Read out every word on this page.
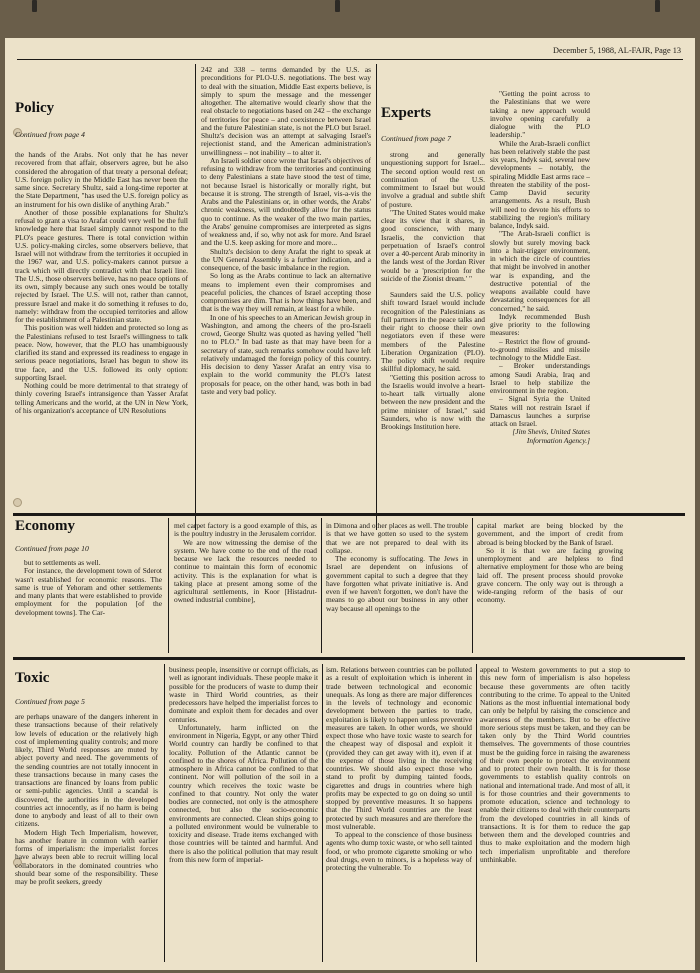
December 5, 1988, AL-FAJR, Page 13
Policy
Continued from page 4

the hands of the Arabs. Not only that he has never recovered from that affair, observers agree, but he also considered the abrogation of that treaty a personal defeat; U.S. foreign policy in the Middle East has never been the same since. Secretary Shultz, said a long-time reporter at the State Department, "has used the U.S. foreign policy as an instrument for his own dislike of anything Arab."

Another of those possible explanations for Shultz's refusal to grant a visa to Arafat could very well be the full knowledge here that Israel simply cannot respond to the PLO's peace gestures. There is total conviction within U.S. policy-making circles, some observers believe, that Israel will not withdraw from the territories it occupied in the 1967 war, and U.S. policy-makers cannot pursue a track which will directly contradict with that Israeli line. The U.S., those observers believe, has no peace options of its own, simply because any such ones would be totally rejected by Israel. The U.S. will not, rather than cannot, pressure Israel and make it do something it refuses to do, namely: withdraw from the occupied territories and allow for the establishment of a Palestinian state.

This position was well hidden and protected so long as the Palestinians refused to test Israel's willingness to talk peace. Now, however, that the PLO has unambiguously clarified its stand and expressed its readiness to engage in serious peace negotiations, Israel has begun to show its true face, and the U.S. followed its only option: supporting Israel.

Nothing could be more detrimental to that strategy of thinly covering Israel's intransigence than Yasser Arafat telling Americans and the world, at the UN in New York, of his organization's acceptance of UN Resolutions

242 and 338 – terms demanded by the U.S. as preconditions for PLO-U.S. negotiations. The best way to deal with the situation, Middle East experts believe, is simply to spurn the message and the messenger altogether. The alternative would clearly show that the real obstacle to negotiations based on 242 – the exchange of territories for peace – and coexistence between Israel and the future Palestinian state, is not the PLO but Israel. Shultz's decision was an attempt at salvaging Israel's rejectionist stand, and the American administration's unwillingness – not inability – to alter it.

An Israeli soldier once wrote that Israel's objectives of refusing to withdraw from the territories and continuing to deny Palestinians a state have stood the test of time, not because Israel is historically or morally right, but because it is strong. The strength of Israel, vis-a-vis the Arabs and the Palestinians or, in other words, the Arabs' chronic weakness, will undoubtedly allow for the status quo to continue. As the weaker of the two main parties, the Arabs' genuine compromises are interpreted as signs of weakness and, if so, why not ask for more. And Israel and the U.S. keep asking for more and more...

Shultz's decision to deny Arafat the right to speak at the UN General Assembly is a further indication, and a consequence, of the basic imbalance in the region.

So long as the Arabs continue to lack an alternative means to implement even their compromises and peaceful policies, the chances of Israel accepting those compromises are dim. That is how things have been, and that is the way they will remain, at least for a while.

In one of his speeches to an American Jewish group in Washington, and among the cheers of the pro-Israeli crowd, George Shultz was quoted as having yelled "hell no to PLO." In bad taste as that may have been for a secretary of state, such remarks somehow could have left relatively undamaged the foreign policy of this country. His decision to deny Yasser Arafat an entry visa to explain to the world community the PLO's latest proposals for peace, on the other hand, was both in bad taste and very bad policy.

Experts
Continued from page 7

strong and generally unquestioning support for Israel... The second option would rest on continuation of the U.S. commitment to Israel but would involve a gradual and subtle shift of posture.

"The United States would make clear its view that it shares, in good conscience, with many Israelis, the conviction that perpetuation of Israel's control over a 40-percent Arab minority in the lands west of the Jordan River would be a 'prescription for the suicide of the Zionist dream.' "

Saunders said the U.S. policy shift toward Israel would include recognition of the Palestinians as full partners in the peace talks and their right to choose their own negotiators even if these were members of the Palestine Liberation Organization (PLO). The policy shift would require skillful diplomacy, he said.

"Getting this position across to the Israelis would involve a heart-to-heart talk virtually alone between the new president and the prime minister of Israel," said Saunders, who is now with the Brookings Institution here.

"Getting the point across to the Palestinians that we were taking a new approach would involve opening carefully a dialogue with the PLO leadership."

While the Arab-Israeli conflict has been relatively stable the past six years, Indyk said, several new developments – notably, the spiraling Middle East arms race – threaten the stability of the post-Camp David security arrangements. As a result, Bush will need to devote his efforts to stabilizing the region's military balance, Indyk said.

"The Arab-Israeli conflict is slowly but surely moving back into a hair-trigger environment, in which the circle of countries that might be involved in another war is expanding, and the destructive potential of the weapons available could have devastating consequences for all concerned," he said.

Indyk recommended Bush give priority to the following measures:

– Restrict the flow of ground-to-ground missiles and missile technology to the Middle East.

– Broker understandings among Saudi Arabia, Iraq and Israel to help stabilize the environment in the region.

– Signal Syria the United States will not restrain Israel if Damascus launches a surprise attack on Israel.

[Jim Shevis, United States Information Agency.]

Economy
Continued from page 10

but to settlements as well.

For instance, the development town of Sderot wasn't established for economic reasons. The same is true of Yehoram and other settlements and many plants that were established to provide employment for the population [of the development towns]. The Car-

mel carpet factory is a good example of this, as is the poultry industry in the Jerusalem corridor.

We are now witnessing the demise of the system. We have come to the end of the road because we lack the resources needed to continue to maintain this form of economic activity. This is the explanation for what is taking place at present among some of the agricultural settlements, in Koor [Histadrut-owned industrial combine],

in Dimona and other places as well. The trouble is that we have gotten so used to the system that we are not prepared to deal with its collapse.

The economy is suffocating. The Jews in Israel are dependent on infusions of government capital to such a degree that they have forgotten what private initiative is. And even if we haven't forgotten, we don't have the means to go about our business in any other way because all openings to the

capital market are being blocked by the government, and the import of credit from abroad is being blocked by the Bank of Israel.

So it is that we are facing growing unemployment and are helpless to find alternative employment for those who are being laid off. The present process should provoke grave concern. The only way out is through a wide-ranging reform of the basis of our economy.

Toxic
Continued from page 5

are perhaps unaware of the dangers inherent in these transactions because of their relatively low levels of education or the relatively high cost of implementing quality controls; and more likely, Third World responses are muted by abject poverty and need. The governments of the sending countries are not totally innocent in these transactions because in many cases the transactions are financed by loans from public or semi-public agencies. Until a scandal is discovered, the authorities in the developed countries act innocently, as if no harm is being done to anybody and least of all to their own citizens.

Modern High Tech Imperialism, however, has another feature in common with earlier forms of imperialism: the imperialist forces have always been able to recruit willing local collaborators in the dominated countries who should bear some of the responsibility. These may be profit seekers, greedy

business people, insensitive or corrupt officials, as well as ignorant individuals. These people make it possible for the producers of waste to dump their waste in Third World countries, as their predecessors have helped the imperialist forces to dominate and exploit them for decades and over centuries.

Unfortunately, harm inflicted on the environment in Nigeria, Egypt, or any other Third World country can hardly be confined to that locality. Pollution of the Atlantic cannot be confined to the shores of Africa. Pollution of the atmosphere in Africa cannot be confined to that continent. Nor will pollution of the soil in a country which receives the toxic waste be confined to that country. Not only the water bodies are connected, not only is the atmosphere connected, but also the socio-economic environments are connected. Clean ships going to a polluted environment would be vulnerable to toxicity and disease. Trade items exchanged with those countries will be tainted and harmful. And there is also the political pollution that may result from this new form of imperial-

ism. Relations between countries can be polluted as a result of exploitation which is inherent in trade between technological and economic unequals. As long as there are major differences in the levels of technology and economic development between the parties to trade, exploitation is likely to happen unless preventive measures are taken. In other words, we should expect those who have toxic waste to search for the cheapest way of disposal and exploit it (provided they can get away with it), even if at the expense of those living in the receiving countries. We should also expect those who stand to profit by dumping tainted foods, cigarettes and drugs in countries where high profits may be expected to go on doing so until stopped by preventive measures. It so happens that the Third World countries are the least protected by such measures and are therefore the most vulnerable.

To appeal to the conscience of those business agents who dump toxic waste, or who sell tainted food, or who promote cigarette smoking or who deal drugs, even to minors, is a hopeless way of protecting the vulnerable. To

appeal to Western governments to put a stop to this new form of imperialism is also hopeless because these governments are often tacitly contributing to the crime. To appeal to the United Nations as the most influential international body can only be helpful by raising the conscience and awareness of the members. But to be effective more serious steps must be taken, and they can be taken only by the Third World countries themselves. The governments of those countries must be the guiding force in raising the awareness of their own people to protect the environment and to protect their own health. It is for those governments to establish quality controls on national and international trade. And most of all, it is for those countries and their governments to promote education, science and technology to enable their citizens to deal with their counterparts from the developed countries in all kinds of transactions. It is for them to reduce the gap between them and the developed countries and thus to make exploitation and the modern high tech imperialism unprofitable and therefore unthinkable.
